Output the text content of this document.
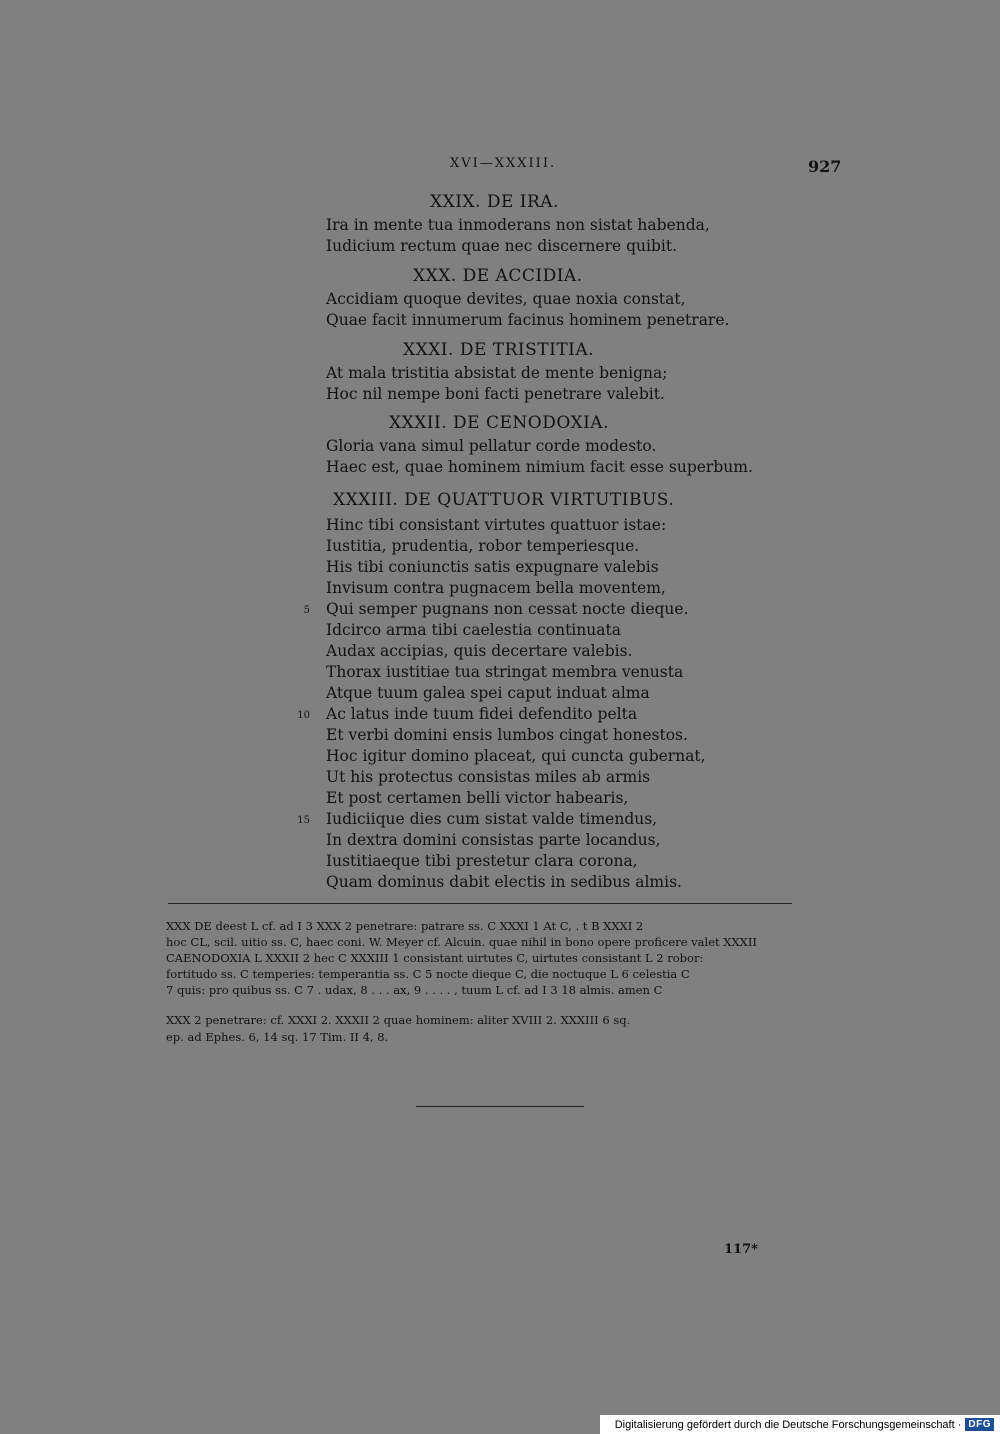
XVI—XXXIII.	927
XXIX. DE IRA.
Ira in mente tua inmoderans non sistat habenda,
Iudicium rectum quae nec discernere quibit.
XXX. DE ACCIDIA.
Accidiam quoque devites, quae noxia constat,
Quae facit innumerum facinus hominem penetrare.
XXXI. DE TRISTITIA.
At mala tristitia absistat de mente benigna;
Hoc nil nempe boni facti penetrare valebit.
XXXII. DE CENODOXIA.
Gloria vana simul pellatur corde modesto.
Haec est, quae hominem nimium facit esse superbum.
XXXIII. DE QUATTUOR VIRTUTIBUS.
Hinc tibi consistant virtutes quattuor istae:
Iustitia, prudentia, robor temperiesque.
His tibi coniunctis satis expugnare valebis
Invisum contra pugnacem bella moventem,
Qui semper pugnans non cessat nocte dieque.
Idcirco arma tibi caelestia continuata
Audax accipias, quis decertare valebis.
Thorax iustitiae tua stringat membra venusta
Atque tuum galea spei caput induat alma
Ac latus inde tuum fidei defendito pelta
Et verbi domini ensis lumbos cingat honestos.
Hoc igitur domino placeat, qui cuncta gubernat,
Ut his protectus consistas miles ab armis
Et post certamen belli victor habearis,
Iudiciique dies cum sistat valde timendus,
In dextra domini consistas parte locandus,
Iustitiaeque tibi prestetur clara corona,
Quam dominus dabit electis in sedibus almis.
5
10
15
XXX DE deest L cf. ad I 3 XXX 2 penetrare: patrare ss. C XXXI 1 At C, . t B XXXI 2
hoc CL, scil. uitio ss. C, haec coni. W. Meyer cf. Alcuin. quae nihil in bono opere proficere valet XXXII
CAENODOXIA L XXXII 2 hec C XXXIII 1 consistant uirtutes C, uirtutes consistant L 2 robor:
fortitudo ss. C temperies: temperantia ss. C 5 nocte dieque C, die noctuque L 6 celestia C
7 quis: pro quibus ss. C 7 . udax, 8 . . . ax, 9 . . . . , tuum L cf. ad I 3 18 almis. amen C
XXX 2 penetrare: cf. XXXI 2. XXXII 2 quae hominem: aliter XVIII 2. XXXIII 6 sq.
ep. ad Ephes. 6, 14 sq. 17 Tim. II 4, 8.
117*
Digitalisierung gefördert durch die Deutsche Forschungsgemeinschaft · DFG
